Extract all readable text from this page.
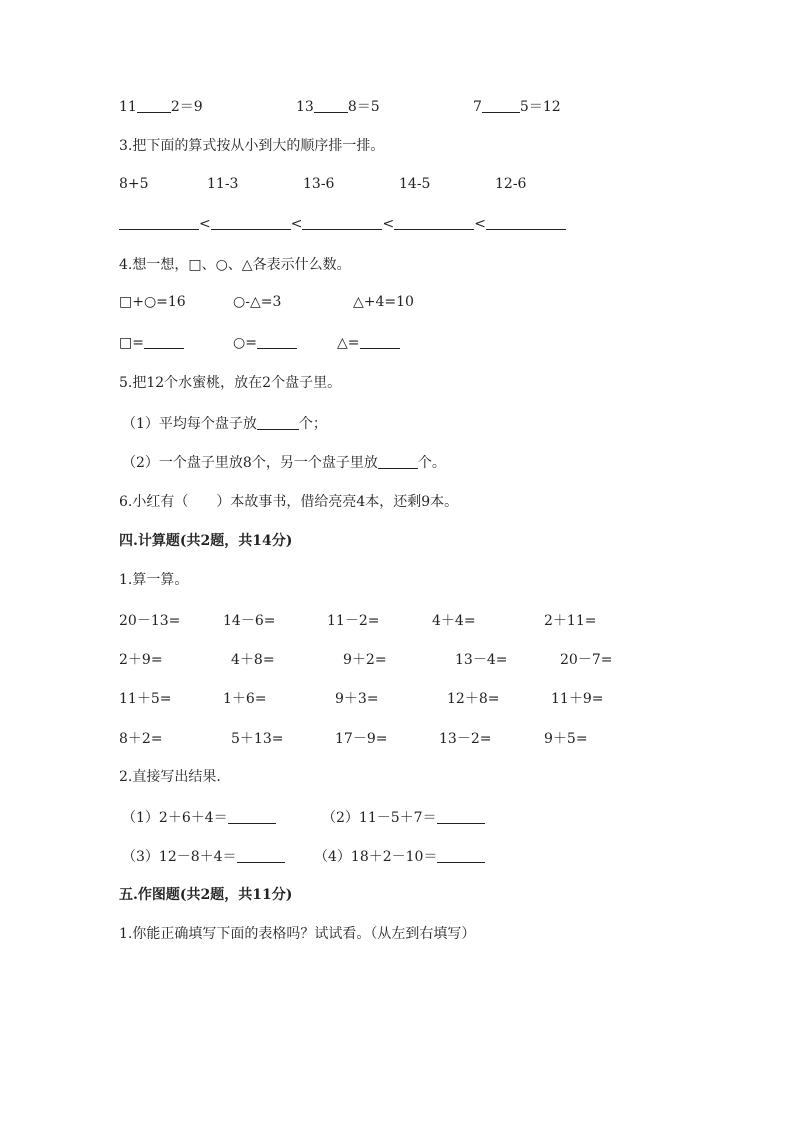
11 2＝9	13 8＝5	7	5＝12
3.把下面的算式按从小到大的顺序排一排。
8+5	11-3	13-6	14-5	12-6
<	<	<	<
4.想一想，□、○、△各表示什么数。
□+○=16	○-△=3	△+4=10
□=	○=	△=
5.把12个水蜜桃，放在2个盘子里。
（1）平均每个盘子放	个；
（2）一个盘子里放8个，另一个盘子里放	个。
6.小红有（　　）本故事书，借给亮亮4本，还剩9本。
四.计算题(共2题，共14分)
1.算一算。
20－13=	14－6=	11－2=	4＋4=	2＋11=
2＋9=	4＋8=	9＋2=	13－4=	20－7=
11＋5=	1＋6=	9＋3=	12＋8=	11＋9=
8＋2=	5＋13=	17－9=	13－2=	9＋5=
2.直接写出结果.
（1）2＋6＋4＝	（2）11－5＋7＝
（3）12－8＋4＝	（4）18＋2－10＝
五.作图题(共2题，共11分)
1.你能正确填写下面的表格吗？试试看。（从左到右填写）
